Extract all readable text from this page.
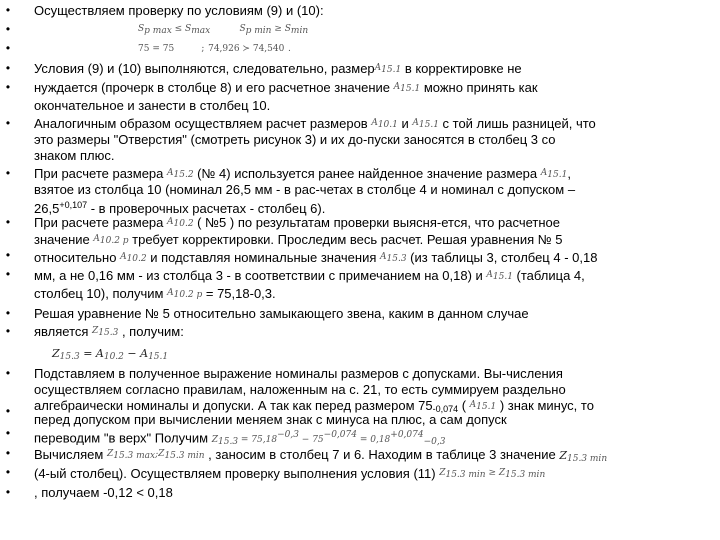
•
•
•
•
•
•
•
•
•
•
•
•
•
•
•
•
•
•
Осуществляем проверку по условиям (9) и (10):
Sp max ≤ Smax	Sp min ≥ Smin
75 = 75	; 74,926 ≻ 74,540 .
Условия (9) и (10) выполняются, следовательно, размерA15.1 в корректировке не
нуждается (прочерк в столбце 8) и его расчетное значение A15.1 можно принять как
окончательное и занести в столбец 10.
Аналогичным образом осуществляем расчет размеров A10.1 и A15.1 с той лишь разницей, что
это размеры "Отверстия" (смотреть рисунок 3) и их до-пуски заносятся в столбец 3 со
знаком плюс.
При расчете размера A15.2 (№ 4) используется ранее найденное значение размера A15.1,
взятое из столбца 10 (номинал 26,5 мм - в рас-четах в столбце 4 и номинал с допуском –
$26,5^{+0,107}$ - в проверочных расчетах - столбец 6).
При расчете размера A10.2 ( №5 ) по результатам проверки выясня-ется, что расчетное
значение A10.2 p требует корректировки. Проследим весь расчет. Решая уравнения № 5
относительно A10.2 и подставляя номинальные значения A15.3 (из таблицы 3, столбец 4 - 0,18
мм, а не 0,16 мм - из столбца 3 - в соответствии с примечанием на 0,18) и A15.1 (таблица 4,
столбец 10), получим A10.2 p = 75,18-0,3.
Решая уравнение № 5 относительно замыкающего звена, каким в данном случае
является Z15.3 , получим:
$Z_{15.3} = A_{10.2} - A_{15.1}$
Подставляем в полученное выражение номиналы размеров с допусками. Вы-числения
осуществляем согласно правилам, наложенным на с. 21, то есть суммируем раздельно
алгебраически номиналы и допуски. А так как перед размером $75_{-0,074}$ ( A15.1 ) знак минус, то
перед допуском при вычислении меняем знак с минуса на плюс, а сам допуск
переводим "в верх" Получим Z15.3 = 75,18−0,3 − 75−0,074 = 0,18+0,074−0,3
Вычисляем Z15.3 max;Z15.3 min , заносим в столбец 7 и 6. Находим в таблице 3 значение $Z_{15.3 min}$
(4-ый столбец). Осуществляем проверку выполнения условия (11) Z15.3 min ≥ Z15.3 min
, получаем -0,12 < 0,18
